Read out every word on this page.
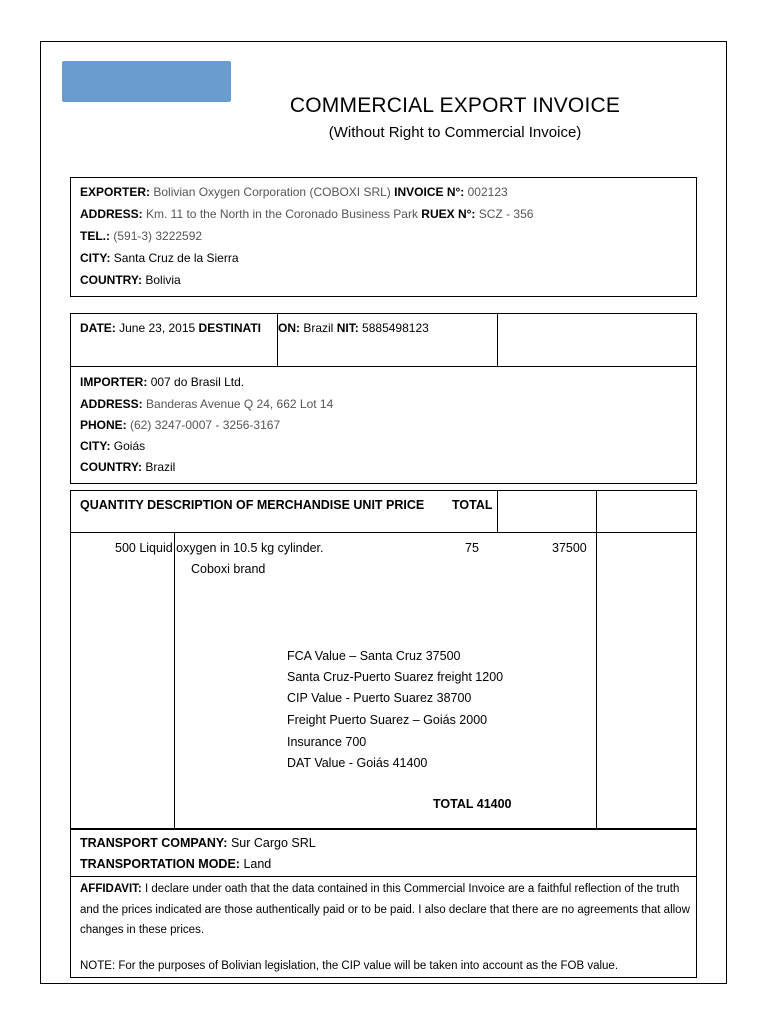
COMMERCIAL EXPORT INVOICE
(Without Right to Commercial Invoice)
EXPORTER: Bolivian Oxygen Corporation (COBOXI SRL) INVOICE N°: 002123
ADDRESS: Km. 11 to the North in the Coronado Business Park RUEX N°: SCZ - 356
TEL.: (591-3) 3222592
CITY: Santa Cruz de la Sierra
COUNTRY: Bolivia
DATE: June 23, 2015 DESTINATI ON: Brazil NIT: 5885498123
IMPORTER: 007 do Brasil Ltd.
ADDRESS: Banderas Avenue Q 24, 662 Lot 14
PHONE: (62) 3247-0007 - 3256-3167
CITY: Goiás
COUNTRY: Brazil
QUANTITY DESCRIPTION OF MERCHANDISE UNIT PRICE TOTAL
500 Liquid oxygen in 10.5 kg cylinder.
Coboxi brand
75	37500
FCA Value – Santa Cruz 37500
Santa Cruz-Puerto Suarez freight 1200
CIP Value - Puerto Suarez 38700
Freight Puerto Suarez – Goiás 2000
Insurance 700
DAT Value - Goiás 41400
TOTAL 41400
TRANSPORT COMPANY: Sur Cargo SRL
TRANSPORTATION MODE: Land
AFFIDAVIT: I declare under oath that the data contained in this Commercial Invoice are a faithful reflection of the truth and the prices indicated are those authentically paid or to be paid. I also declare that there are no agreements that allow changes in these prices.
NOTE: For the purposes of Bolivian legislation, the CIP value will be taken into account as the FOB value.
